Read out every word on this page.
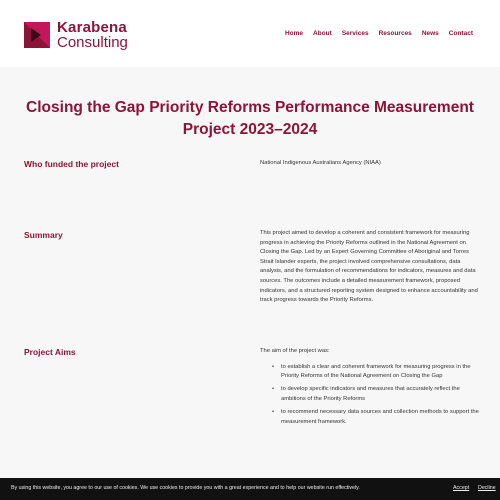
Karabena
Consulting	Home About Services Resources News Contact
Closing the Gap Priority Reforms Performance Measurement Project 2023–2024
Who funded the project	National Indigenous Australians Agency (NIAA)
Summary	This project aimed to develop a coherent and consistent framework for measuring progress in achieving the Priority Reforms outlined in the National Agreement on Closing the Gap. Led by an Expert Governing Committee of Aboriginal and Torres Strait Islander experts, the project involved comprehensive consultations, data analysis, and the formulation of recommendations for indicators, measures and data sources. The outcomes include a detailed measurement framework, proposed indicators, and a structured reporting system designed to enhance accountability and track progress towards the Priority Reforms.
Project Aims	The aim of the project was:
• to establish a clear and coherent framework for measuring progress in the Priority Reforms of the National Agreement on Closing the Gap
• to develop specific indicators and measures that accurately reflect the ambitions of the Priority Reforms
• to recommend necessary data sources and collection methods to support the measurement framework.
By using this website, you agree to our use of cookies. We use cookies to provide you with a great experience and to help our website run effectively.	Accept Decline
